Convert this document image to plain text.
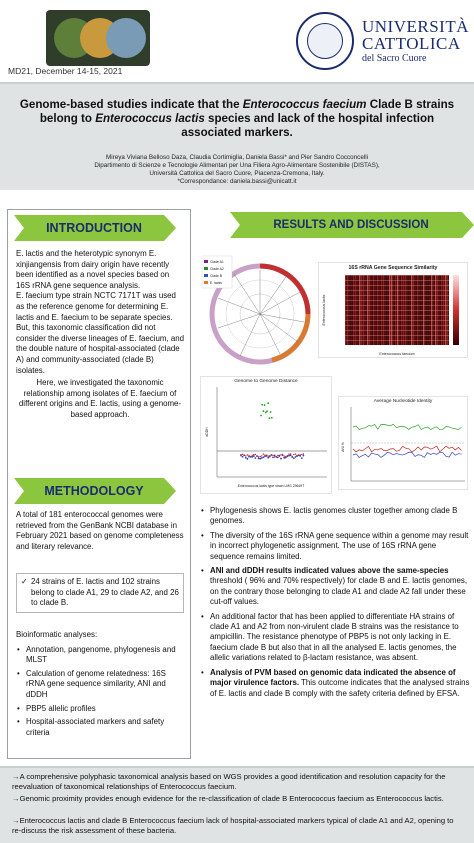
MD21, December 14-15, 2021
UNIVERSITÀ
CATTOLICA
del Sacro Cuore
Genome-based studies indicate that the Enterococcus faecium Clade B strains belong to Enterococcus lactis species and lack of the hospital infection associated markers.
Mireya Viviana Belloso Daza, Claudia Cortimiglia, Daniela Bassi* and Pier Sandro Cocconcelli
Dipartimento di Scienze e Tecnologie Alimentari per Una Filiera Agro-Alimentare Sostenibile (DISTAS),
Università Cattolica del Sacro Cuore, Piacenza-Cremona, Italy.
*Correspondance: daniela.bassi@unicatt.it
INTRODUCTION

E. lactis and the heterotypic synonym E. xinjiangensis from dairy origin have recently been identified as a novel species based on 16S rRNA gene sequence analysis.

E. faecium type strain NCTC 7171T was used as the reference genome for determining E. lactis and E. faecium to be separate species.

But, this taxonomic classification did not consider the diverse lineages of E. faecium, and the double nature of hospital-associated (clade A) and community-associated (clade B) isolates.

Here, we investigated the taxonomic relationship among isolates of E. faecium of different origins and E. lactis, using a genome-based approach.

METHODOLOGY

A total of 181 enterococcal genomes were retrieved from the GenBank NCBI database in February 2021 based on genome completeness and literary relevance.

✓ 24 strains of E. lactis and 102 strains belong to clade A1, 29 to clade A2, and 26 to clade B.

Bioinformatic analyses:

• Annotation, pangenome, phylogenesis and MLST
• Calculation of genome relatedness: 16S rRNA gene sequence similarity, ANI and dDDH
• PBP5 allelic profiles
• Hospital-associated markers and safety criteria
RESULTS AND DISCUSSION
Clade A1
Clade A2
Clade B
E. lactis
16S rRNA Gene Sequence Similarity
Enterococcus faecium
Enterococcus lactis
Genome to Genome Distance
Enterococcus lactis type strain LMG 29649T
dDDH
Average Nucleotide Identity
ANI %
• Phylogenesis shows E. lactis genomes cluster together among clade B genomes.
• The diversity of the 16S rRNA gene sequence within a genome may result in incorrect phylogenetic assignment. The use of 16S rRNA gene sequence remains limited.
• ANI and dDDH results indicated values above the same-species threshold ( 96% and 70% respectively) for clade B and E. lactis genomes, on the contrary those belonging to clade A1 and clade A2 fall under these cut-off values.
• An additional factor that has been applied to differentiate HA strains of clade A1 and A2 from non-virulent clade B strains was the resistance to ampicillin. The resistance phenotype of PBP5 is not only lacking in E. faecium clade B but also that in all the analysed E. lactis genomes, the allelic variations related to β-lactam resistance, was absent.
• Analysis of PVM based on genomic data indicated the absence of major virulence factors. This outcome indicates that the analysed strains of E. lactis and clade B comply with the safety criteria defined by EFSA.
→A comprehensive polyphasic taxonomical analysis based on WGS provides a good identification and resolution capacity for the reevaluation of taxonomical relationships of Enterococcus faecium.
→Genomic proximity provides enough evidence for the re-classification of clade B Enterococcus faecium as Enterococcus lactis.
→Enterococcus lactis and clade B Enterococcus faecium lack of hospital-associated markers typical of clade A1 and A2, opening to re-discuss the risk assessment of these bacteria.
